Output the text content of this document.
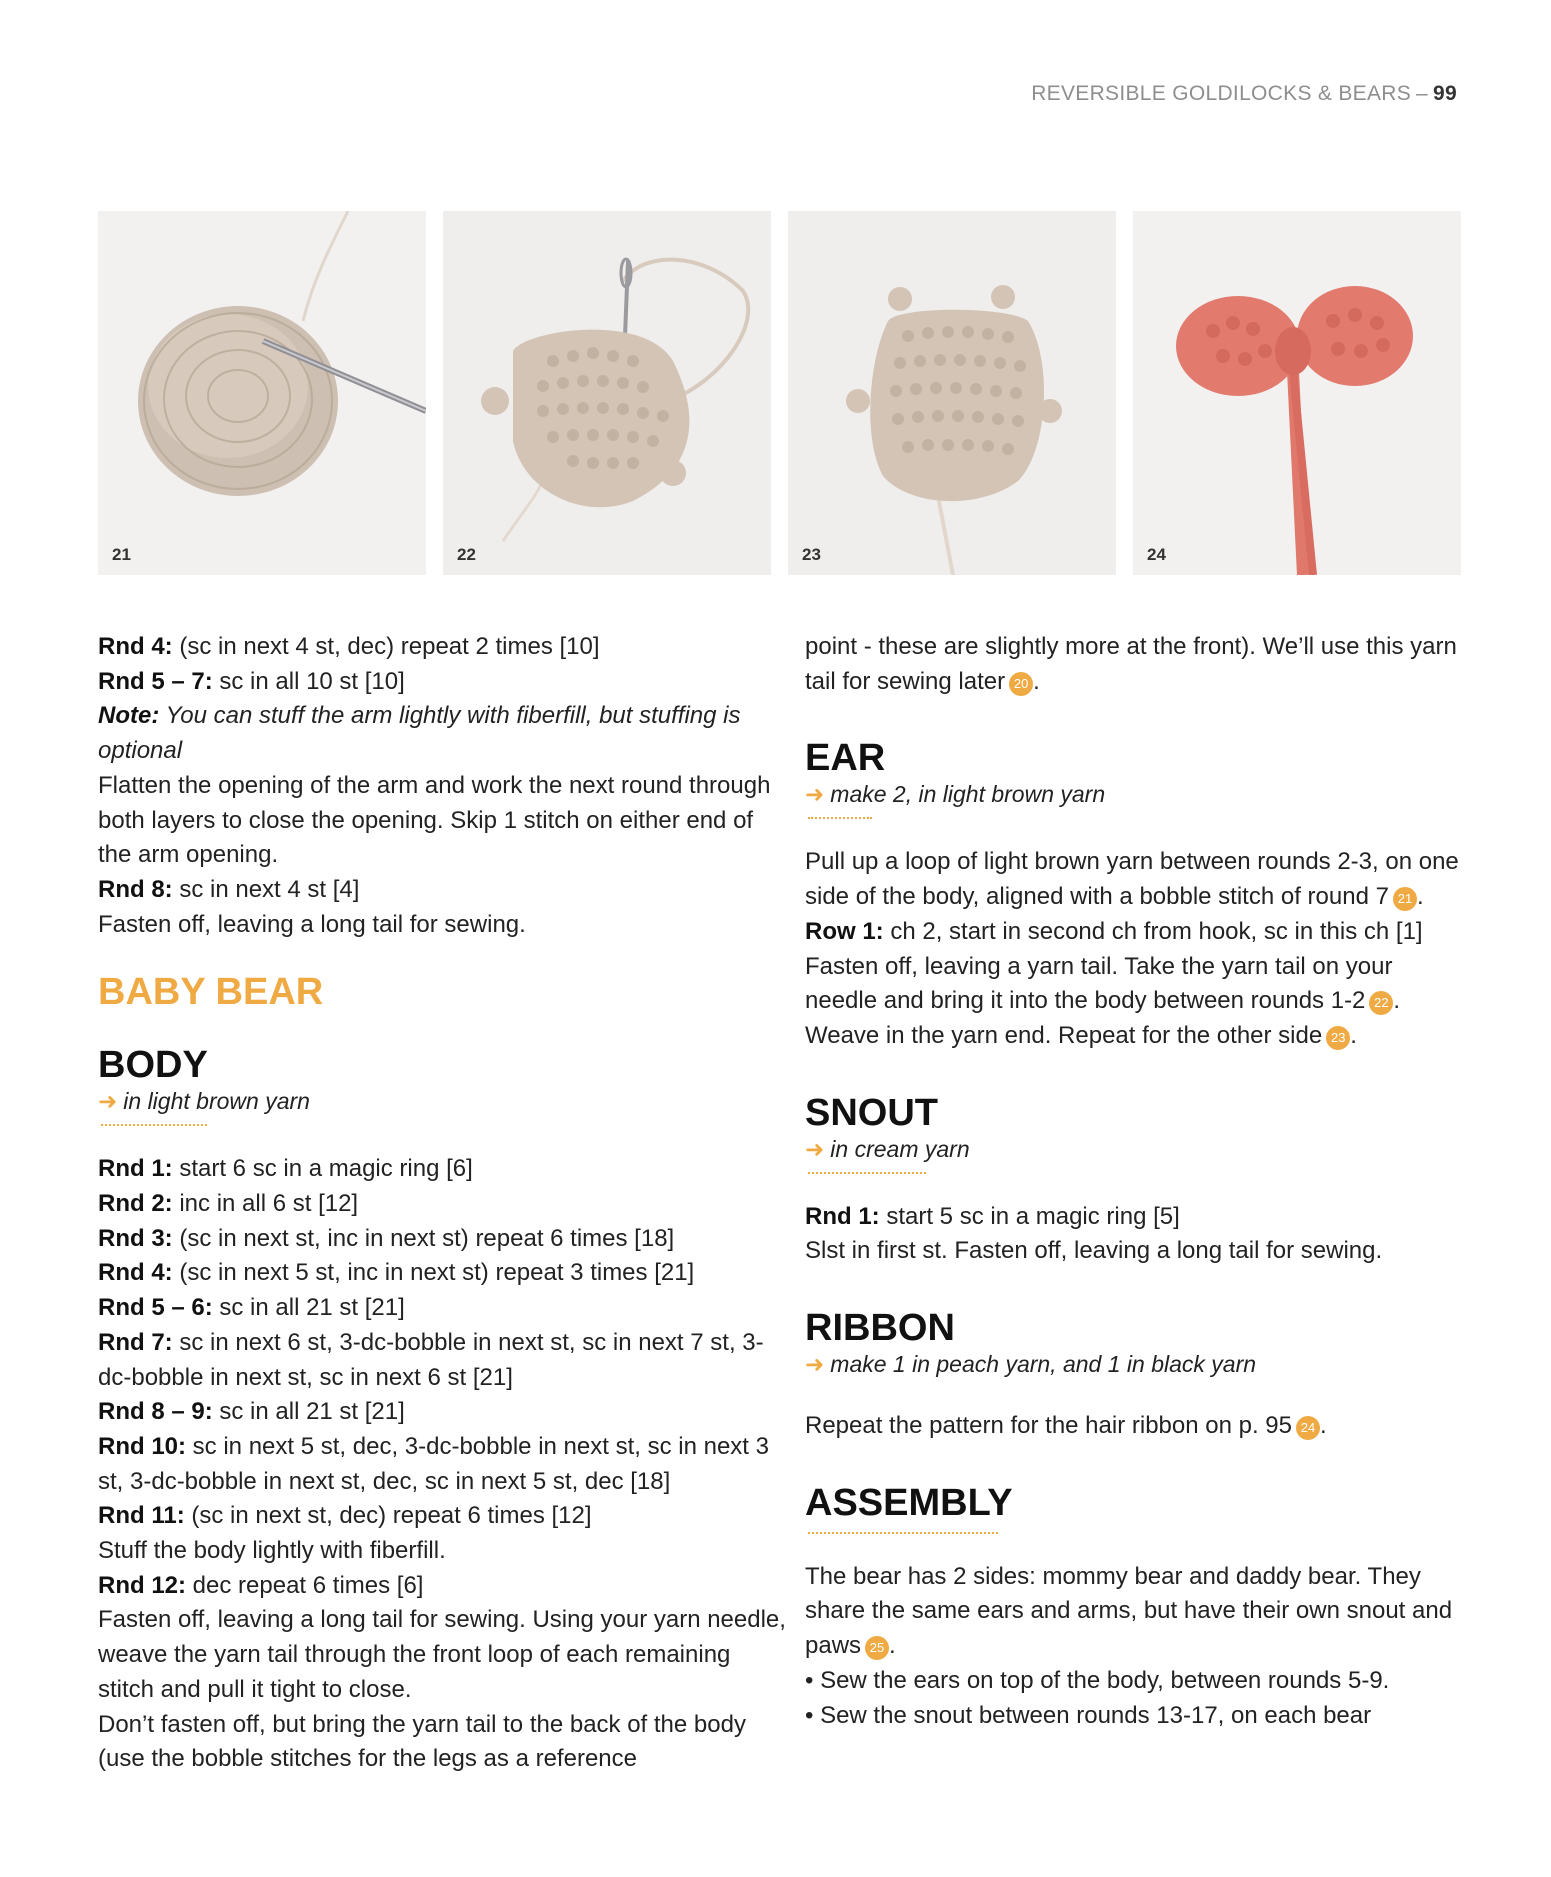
REVERSIBLE GOLDILOCKS & BEARS – 99
21	22	23	24

Rnd 4: (sc in next 4 st, dec) repeat 2 times [10]

Rnd 5 – 7: sc in all 10 st [10]

Note: You can stuff the arm lightly with fiberfill, but stuffing is optional

Flatten the opening of the arm and work the next round through both layers to close the opening. Skip 1 stitch on either end of the arm opening.

Rnd 8: sc in next 4 st [4]

Fasten off, leaving a long tail for sewing.

BABY BEAR
BODY
➜ in light brown yarn

Rnd 1: start 6 sc in a magic ring [6]

Rnd 2: inc in all 6 st [12]

Rnd 3: (sc in next st, inc in next st) repeat 6 times [18]

Rnd 4: (sc in next 5 st, inc in next st) repeat 3 times [21]

Rnd 5 – 6: sc in all 21 st [21]

Rnd 7: sc in next 6 st, 3-dc-bobble in next st, sc in next 7 st, 3-dc-bobble in next st, sc in next 6 st [21]

Rnd 8 – 9: sc in all 21 st [21]

Rnd 10: sc in next 5 st, dec, 3-dc-bobble in next st, sc in next 3 st, 3-dc-bobble in next st, dec, sc in next 5 st, dec [18]

Rnd 11: (sc in next st, dec) repeat 6 times [12]

Stuff the body lightly with fiberfill.

Rnd 12: dec repeat 6 times [6]

Fasten off, leaving a long tail for sewing. Using your yarn needle, weave the yarn tail through the front loop of each remaining stitch and pull it tight to close.

Don’t fasten off, but bring the yarn tail to the back of the body (use the bobble stitches for the legs as a reference

point - these are slightly more at the front). We’ll use this yarn tail for sewing later 20 .

EAR
➜ make 2, in light brown yarn

Pull up a loop of light brown yarn between rounds 2-3, on one side of the body, aligned with a bobble stitch of round 7 21 .

Row 1: ch 2, start in second ch from hook, sc in this ch [1]

Fasten off, leaving a yarn tail. Take the yarn tail on your needle and bring it into the body between rounds 1-2 22 .

Weave in the yarn end. Repeat for the other side 23 .

SNOUT
➜ in cream yarn

Rnd 1: start 5 sc in a magic ring [5]

Slst in first st. Fasten off, leaving a long tail for sewing.

RIBBON
➜ make 1 in peach yarn, and 1 in black yarn

Repeat the pattern for the hair ribbon on p. 95 24 .

ASSEMBLY

The bear has 2 sides: mommy bear and daddy bear. They share the same ears and arms, but have their own snout and paws 25 .

• Sew the ears on top of the body, between rounds 5-9.

• Sew the snout between rounds 13-17, on each bear
